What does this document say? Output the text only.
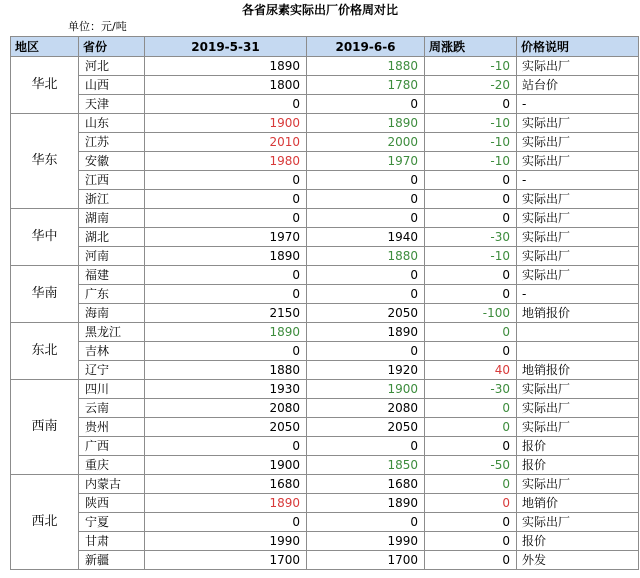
各省尿素实际出厂价格周对比
单位：元/吨
地区	省份	2019-5-31	2019-6-6	周涨跌	价格说明
华北	河北	1890	1880	-10	实际出厂
	山西	1800	1780	-20	站台价
	天津	0	0	0	-
华东	山东	1900	1890	-10	实际出厂
	江苏	2010	2000	-10	实际出厂
	安徽	1980	1970	-10	实际出厂
	江西	0	0	0	-
	浙江	0	0	0	实际出厂
华中	湖南	0	0	0	实际出厂
	湖北	1970	1940	-30	实际出厂
	河南	1890	1880	-10	实际出厂
华南	福建	0	0	0	实际出厂
	广东	0	0	0	-
	海南	2150	2050	-100	地销报价
东北	黑龙江	1890	1890	0	
	吉林	0	0	0	
	辽宁	1880	1920	40	地销报价
西南	四川	1930	1900	-30	实际出厂
	云南	2080	2080	0	实际出厂
	贵州	2050	2050	0	实际出厂
	广西	0	0	0	报价
	重庆	1900	1850	-50	报价
西北	内蒙古	1680	1680	0	实际出厂
	陕西	1890	1890	0	地销价
	宁夏	0	0	0	实际出厂
	甘肃	1990	1990	0	报价
	新疆	1700	1700	0	外发
